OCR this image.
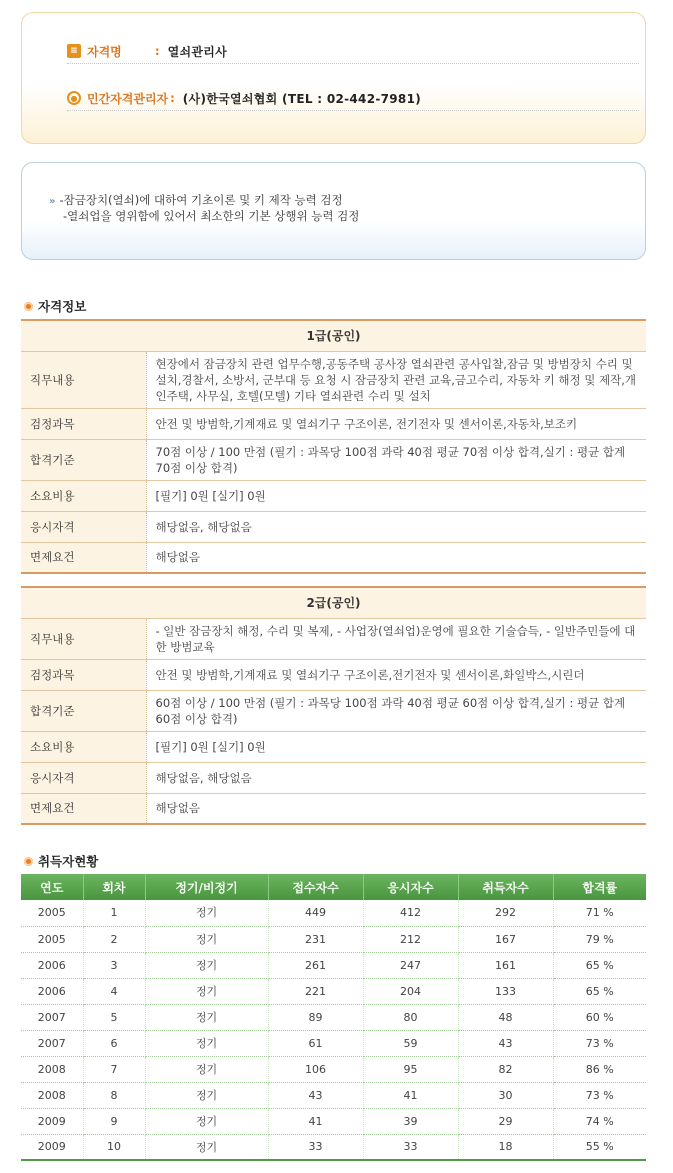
≡ 자격명	: 열쇠관리사
● 민간자격관리자 : (사)한국열쇠협회 (TEL : 02-442-7981)
» -잠금장치(열쇠)에 대하여 기초이론 및 키 제작 능력 검정
-열쇠업을 영위함에 있어서 최소한의 기본 상행위 능력 검정
자격정보
1급(공인)	
직무내용	현장에서 잠금장치 관련 업무수행,공동주택 공사장 열쇠관련 공사입찰,잠금 및 방범장치 수리 및 설치,경찰서, 소방서, 군부대 등 요청 시 잠금장치 관련 교육,금고수리, 자동차 키 해정 및 제작,개인주택, 사무실, 호텔(모텔) 기타 열쇠관련 수리 및 설치
검정과목	안전 및 방범학,기계재료 및 열쇠기구 구조이론, 전기전자 및 센서이론,자동차,보조키
합격기준	70점 이상 / 100 만점 (필기 : 과목당 100점 과락 40점 평균 70점 이상 합격,실기 : 평균 합계 70점 이상 합격)
소요비용	[필기] 0원 [실기] 0원
응시자격	해당없음, 해당없음
면제요건	해당없음
2급(공인)	
직무내용	- 일반 잠금장치 해정, 수리 및 복제, - 사업장(열쇠업)운영에 필요한 기술습득, - 일반주민들에 대한 방범교육
검정과목	안전 및 방범학,기계재료 및 열쇠기구 구조이론,전기전자 및 센서이론,화일박스,시린더
합격기준	60점 이상 / 100 만점 (필기 : 과목당 100점 과락 40점 평균 60점 이상 합격,실기 : 평균 합계 60점 이상 합격)
소요비용	[필기] 0원 [실기] 0원
응시자격	해당없음, 해당없음
면제요건	해당없음
취득자현황
연도	회차	정기/비정기	접수자수	응시자수	취득자수	합격률
2005	1	정기	449	412	292	71 %
2005	2	정기	231	212	167	79 %
2006	3	정기	261	247	161	65 %
2006	4	정기	221	204	133	65 %
2007	5	정기	89	80	48	60 %
2007	6	정기	61	59	43	73 %
2008	7	정기	106	95	82	86 %
2008	8	정기	43	41	30	73 %
2009	9	정기	41	39	29	74 %
2009	10	정기	33	33	18	55 %
